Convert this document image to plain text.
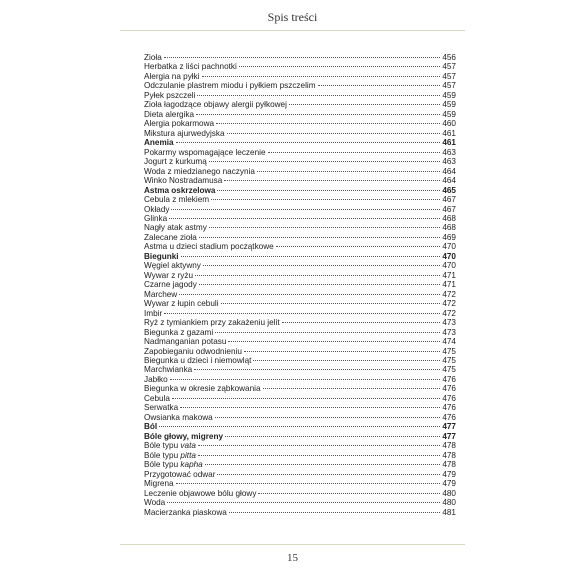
Spis treści
Zioła	456
Herbatka z liści pachnotki	457
Alergia na pyłki	457
Odczulanie plastrem miodu i pyłkiem pszczelim	457
Pyłek pszczeli	459
Zioła łagodzące objawy alergii pyłkowej	459
Dieta alergika	459
Alergia pokarmowa	460
Mikstura ajurwedyjska	461
Anemia	461
Pokarmy wspomagające leczenie	463
Jogurt z kurkumą	463
Woda z miedzianego naczynia	464
Winko Nostradamusa	464
Astma oskrzelowa	465
Cebula z mlekiem	467
Okłady	467
Glinka	468
Nagły atak astmy	468
Zalecane zioła	469
Astma u dzieci stadium początkowe	470
Biegunki	470
Węgiel aktywny	470
Wywar z ryżu	471
Czarne jagody	471
Marchew	472
Wywar z łupin cebuli	472
Imbir	472
Ryż z tymiankiem przy zakażeniu jelit	473
Biegunka z gazami	473
Nadmanganian potasu	474
Zapobieganiu odwodnieniu	475
Biegunka u dzieci i niemowląt	475
Marchwianka	475
Jabłko	476
Biegunka w okresie ząbkowania	476
Cebula	476
Serwatka	476
Owsianka makowa	476
Ból	477
Bóle głowy, migreny	477
Bóle typu vata	478
Bóle typu pitta	478
Bóle typu kapha	478
Przygotować odwar	479
Migrena	479
Leczenie objawowe bólu głowy	480
Woda	480
Macierzanka piaskowa	481
15
